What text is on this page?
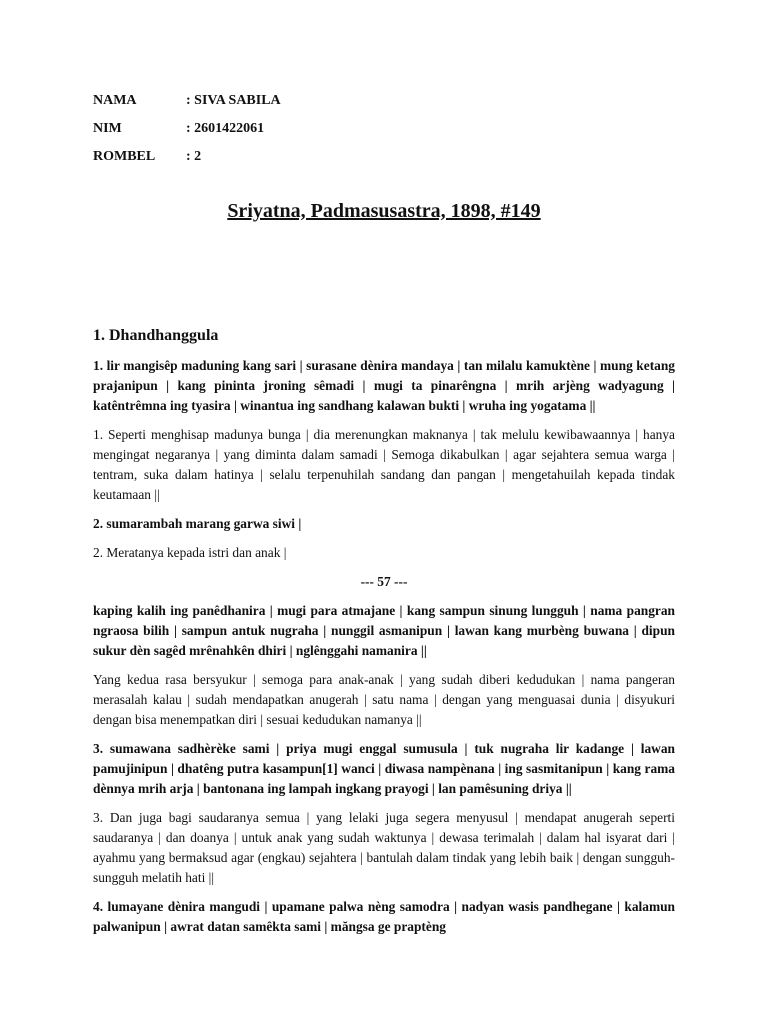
NAMA	: SIVA SABILA
NIM	: 2601422061
ROMBEL	: 2
Sriyatna, Padmasusastra, 1898, #149
1. Dhandhanggula

1. lir mangisêp maduning kang sari | surasane dènira mandaya | tan milalu kamuktène | mung ketang prajanipun | kang pininta jroning sêmadi | mugi ta pinarêngna | mrih arjèng wadyagung | katêntrêmna ing tyasira | winantua ing sandhang kalawan bukti | wruha ing yogatama ||

1. Seperti menghisap madunya bunga | dia merenungkan maknanya | tak melulu kewibawaannya | hanya mengingat negaranya | yang diminta dalam samadi | Semoga dikabulkan | agar sejahtera semua warga | tentram, suka dalam hatinya | selalu terpenuhilah sandang dan pangan | mengetahuilah kepada tindak keutamaan ||

2. sumarambah marang garwa siwi |

2. Meratanya kepada istri dan anak |

--- 57 ---

kaping kalih ing panêdhanira | mugi para atmajane | kang sampun sinung lungguh | nama pangran ngraosa bilih | sampun antuk nugraha | nunggil asmanipun | lawan kang murbèng buwana | dipun sukur dèn sagêd mrênahkên dhiri | nglênggahi namanira ||

Yang kedua rasa bersyukur | semoga para anak-anak | yang sudah diberi kedudukan | nama pangeran merasalah kalau | sudah mendapatkan anugerah | satu nama | dengan yang menguasai dunia | disyukuri dengan bisa menempatkan diri | sesuai kedudukan namanya ||

3. sumawana sadhèrèke sami | priya mugi enggal sumusula | tuk nugraha lir kadange | lawan pamujinipun | dhatêng putra kasampun[1] wanci | diwasa nampènana | ing sasmitanipun | kang rama dènnya mrih arja | bantonana ing lampah ingkang prayogi | lan pamêsuning driya ||

3. Dan juga bagi saudaranya semua | yang lelaki juga segera menyusul | mendapat anugerah seperti saudaranya | dan doanya | untuk anak yang sudah waktunya | dewasa terimalah | dalam hal isyarat dari | ayahmu yang bermaksud agar (engkau) sejahtera | bantulah dalam tindak yang lebih baik | dengan sungguh-sungguh melatih hati ||

4. lumayane dènira mangudi | upamane palwa nèng samodra | nadyan wasis pandhegane | kalamun palwanipun | awrat datan samêkta sami | măngsa ge praptèng
